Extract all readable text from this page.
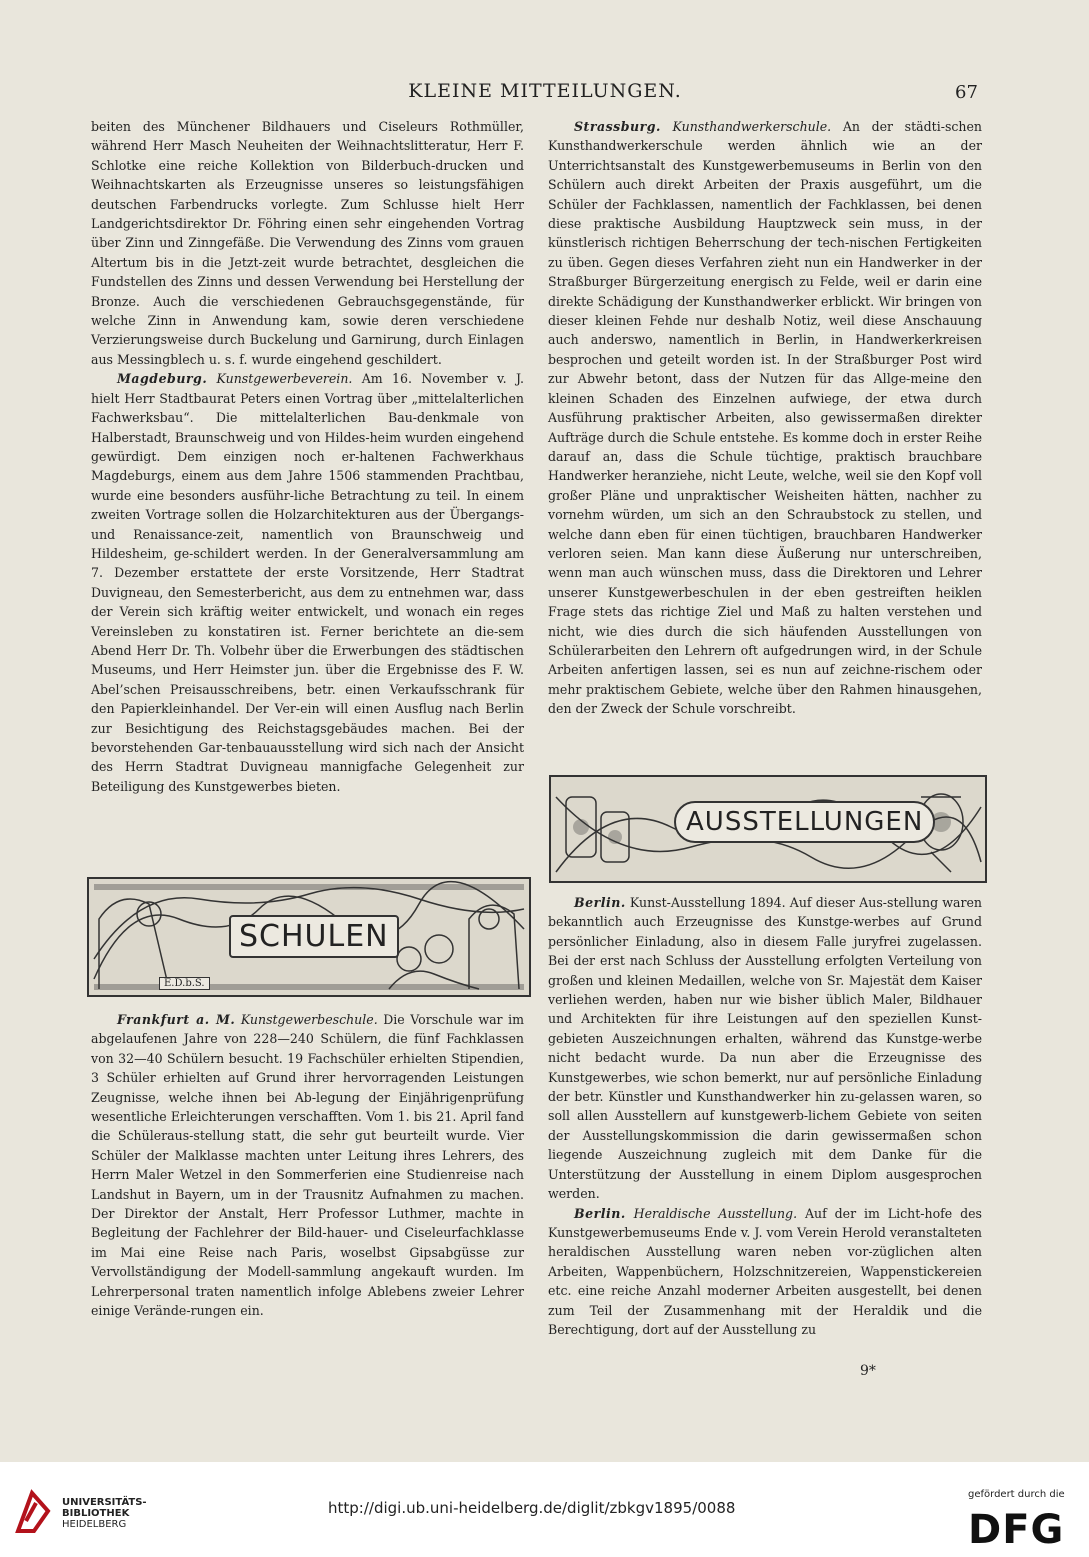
KLEINE MITTEILUNGEN.	67

beiten des Münchener Bildhauers und Ciseleurs Rothmüller, während Herr Masch Neuheiten der Weihnachtslitteratur, Herr F. Schlotke eine reiche Kollektion von Bilderbuch-drucken und Weihnachtskarten als Erzeugnisse unseres so leistungsfähigen deutschen Farbendrucks vorlegte. Zum Schlusse hielt Herr Landgerichtsdirektor Dr. Föhring einen sehr eingehenden Vortrag über Zinn und Zinngefäße. Die Verwendung des Zinns vom grauen Altertum bis in die Jetzt-zeit wurde betrachtet, desgleichen die Fundstellen des Zinns und dessen Verwendung bei Herstellung der Bronze. Auch die verschiedenen Gebrauchsgegenstände, für welche Zinn in Anwendung kam, sowie deren verschiedene Verzierungsweise durch Buckelung und Garnirung, durch Einlagen aus Messingblech u. s. f. wurde eingehend geschildert.

Magdeburg. Kunstgewerbeverein. Am 16. November v. J. hielt Herr Stadtbaurat Peters einen Vortrag über „mittelalterlichen Fachwerksbau“. Die mittelalterlichen Bau-denkmale von Halberstadt, Braunschweig und von Hildes-heim wurden eingehend gewürdigt. Dem einzigen noch er-haltenen Fachwerkhaus Magdeburgs, einem aus dem Jahre 1506 stammenden Prachtbau, wurde eine besonders ausführ-liche Betrachtung zu teil. In einem zweiten Vortrage sollen die Holzarchitekturen aus der Übergangs- und Renaissance-zeit, namentlich von Braunschweig und Hildesheim, ge-schildert werden. In der Generalversammlung am 7. Dezember erstattete der erste Vorsitzende, Herr Stadtrat Duvigneau, den Semesterbericht, aus dem zu entnehmen war, dass der Verein sich kräftig weiter entwickelt, und wonach ein reges Vereinsleben zu konstatiren ist. Ferner berichtete an die-sem Abend Herr Dr. Th. Volbehr über die Erwerbungen des städtischen Museums, und Herr Heimster jun. über die Ergebnisse des F. W. Abel’schen Preisausschreibens, betr. einen Verkaufsschrank für den Papierkleinhandel. Der Ver-ein will einen Ausflug nach Berlin zur Besichtigung des Reichstagsgebäudes machen. Bei der bevorstehenden Gar-tenbauausstellung wird sich nach der Ansicht des Herrn Stadtrat Duvigneau mannigfache Gelegenheit zur Beteiligung des Kunstgewerbes bieten.

SCHULEN
E.D.b.S.

Frankfurt a. M. Kunstgewerbeschule. Die Vorschule war im abgelaufenen Jahre von 228—240 Schülern, die fünf Fachklassen von 32—40 Schülern besucht. 19 Fachschüler erhielten Stipendien, 3 Schüler erhielten auf Grund ihrer hervorragenden Leistungen Zeugnisse, welche ihnen bei Ab-legung der Einjährigenprüfung wesentliche Erleichterungen verschafften. Vom 1. bis 21. April fand die Schüleraus-stellung statt, die sehr gut beurteilt wurde. Vier Schüler der Malklasse machten unter Leitung ihres Lehrers, des Herrn Maler Wetzel in den Sommerferien eine Studienreise nach Landshut in Bayern, um in der Trausnitz Aufnahmen zu machen. Der Direktor der Anstalt, Herr Professor Luthmer, machte in Begleitung der Fachlehrer der Bild-hauer- und Ciseleurfachklasse im Mai eine Reise nach Paris, woselbst Gipsabgüsse zur Vervollständigung der Modell-sammlung angekauft wurden. Im Lehrerpersonal traten namentlich infolge Ablebens zweier Lehrer einige Verände-rungen ein.

Strassburg. Kunsthandwerkerschule. An der städti-schen Kunsthandwerkerschule werden ähnlich wie an der Unterrichtsanstalt des Kunstgewerbemuseums in Berlin von den Schülern auch direkt Arbeiten der Praxis ausgeführt, um die Schüler der Fachklassen, namentlich der Fachklassen, bei denen diese praktische Ausbildung Hauptzweck sein muss, in der künstlerisch richtigen Beherrschung der tech-nischen Fertigkeiten zu üben. Gegen dieses Verfahren zieht nun ein Handwerker in der Straßburger Bürgerzeitung energisch zu Felde, weil er darin eine direkte Schädigung der Kunsthandwerker erblickt. Wir bringen von dieser kleinen Fehde nur deshalb Notiz, weil diese Anschauung auch anderswo, namentlich in Berlin, in Handwerkerkreisen besprochen und geteilt worden ist. In der Straßburger Post wird zur Abwehr betont, dass der Nutzen für das Allge-meine den kleinen Schaden des Einzelnen aufwiege, der etwa durch Ausführung praktischer Arbeiten, also gewissermaßen direkter Aufträge durch die Schule entstehe. Es komme doch in erster Reihe darauf an, dass die Schule tüchtige, praktisch brauchbare Handwerker heranziehe, nicht Leute, welche, weil sie den Kopf voll großer Pläne und unpraktischer Weisheiten hätten, nachher zu vornehm würden, um sich an den Schraubstock zu stellen, und welche dann eben für einen tüchtigen, brauchbaren Handwerker verloren seien. Man kann diese Äußerung nur unterschreiben, wenn man auch wünschen muss, dass die Direktoren und Lehrer unserer Kunstgewerbeschulen in der eben gestreiften heiklen Frage stets das richtige Ziel und Maß zu halten verstehen und nicht, wie dies durch die sich häufenden Ausstellungen von Schülerarbeiten den Lehrern oft aufgedrungen wird, in der Schule Arbeiten anfertigen lassen, sei es nun auf zeichne-rischem oder mehr praktischem Gebiete, welche über den Rahmen hinausgehen, den der Zweck der Schule vorschreibt.

AUSSTELLUNGEN

Berlin. Kunst-Ausstellung 1894. Auf dieser Aus-stellung waren bekanntlich auch Erzeugnisse des Kunstge-werbes auf Grund persönlicher Einladung, also in diesem Falle juryfrei zugelassen. Bei der erst nach Schluss der Ausstellung erfolgten Verteilung von großen und kleinen Medaillen, welche von Sr. Majestät dem Kaiser verliehen werden, haben nur wie bisher üblich Maler, Bildhauer und Architekten für ihre Leistungen auf den speziellen Kunst-gebieten Auszeichnungen erhalten, während das Kunstge-werbe nicht bedacht wurde. Da nun aber die Erzeugnisse des Kunstgewerbes, wie schon bemerkt, nur auf persönliche Einladung der betr. Künstler und Kunsthandwerker hin zu-gelassen waren, so soll allen Ausstellern auf kunstgewerb-lichem Gebiete von seiten der Ausstellungskommission die darin gewissermaßen schon liegende Auszeichnung zugleich mit dem Danke für die Unterstützung der Ausstellung in einem Diplom ausgesprochen werden.

Berlin. Heraldische Ausstellung. Auf der im Licht-hofe des Kunstgewerbemuseums Ende v. J. vom Verein Herold veranstalteten heraldischen Ausstellung waren neben vor-züglichen alten Arbeiten, Wappenbüchern, Holzschnitzereien, Wappenstickereien etc. eine reiche Anzahl moderner Arbeiten ausgestellt, bei denen zum Teil der Zusammenhang mit der Heraldik und die Berechtigung, dort auf der Ausstellung zu

9*
UNIVERSITÄTS-
BIBLIOTHEK
HEIDELBERG
http://digi.ub.uni-heidelberg.de/diglit/zbkgv1895/0088
gefördert durch die
DFG
